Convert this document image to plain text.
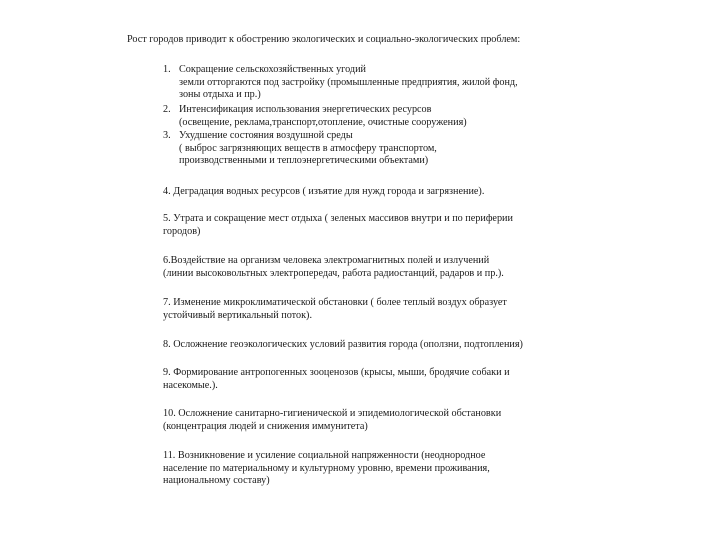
Рост городов приводит к обострению экологических и социально-экологических проблем:
1. Сокращение сельскохозяйственных угодий
земли отторгаются под застройку (промышленные предприятия, жилой фонд,
зоны отдыха и пр.)
2. Интенсификация использования энергетических ресурсов
(освещение, реклама,транспорт,отопление, очистные сооружения)
3. Ухудшение состояния воздушной среды
( выброс загрязняющих веществ в атмосферу транспортом,
производственными и теплоэнергетическими объектами)
4. Деградация водных ресурсов ( изъятие для нужд города и загрязнение).
5. Утрата и сокращение мест отдыха ( зеленых массивов внутри и по периферии
городов)
6.Воздействие на организм человека электромагнитных полей и излучений
(линии высоковольтных электропередач, работа радиостанций, радаров и пр.).
7. Изменение микроклиматической обстановки ( более теплый воздух образует
устойчивый вертикальный поток).
8. Осложнение геоэкологических условий развития города (оползни, подтопления)
9. Формирование антропогенных зооценозов (крысы, мыши, бродячие собаки и
насекомые.).
10. Осложнение санитарно-гигиенической и эпидемиологической обстановки
(концентрация людей и снижения иммунитета)
11. Возникновение и усиление социальной напряженности (неоднородное
население по материальному и культурному уровню, времени проживания,
национальному составу)
